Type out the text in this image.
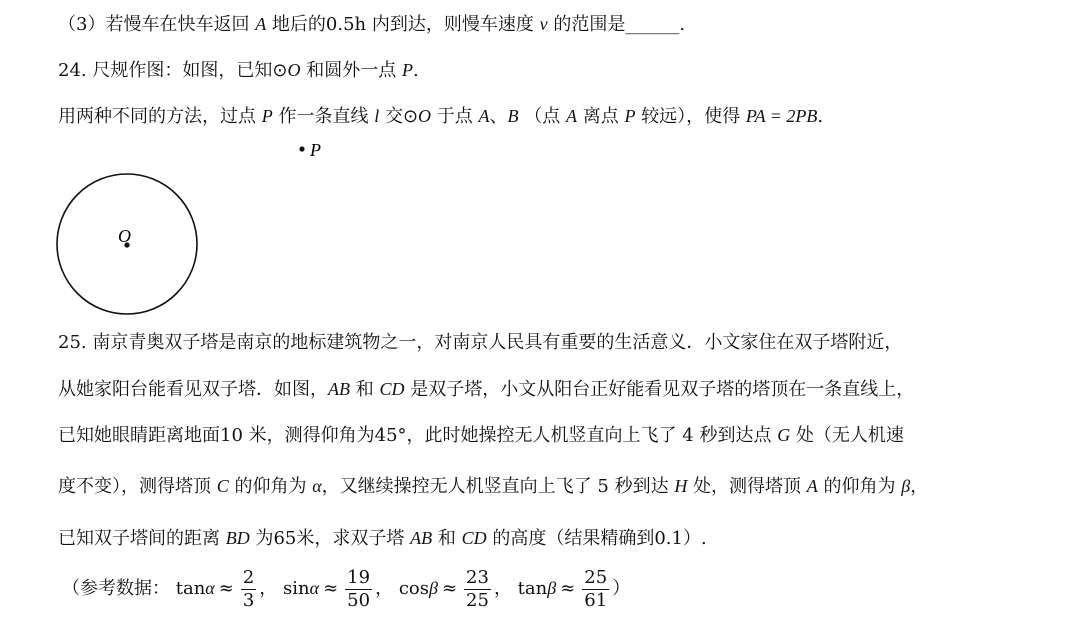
（3）若慢车在快车返回 A 地后的0.5h 内到达，则慢车速度 v 的范围是______.
24. 尺规作图：如图，已知⊙O 和圆外一点 P.
用两种不同的方法，过点 P 作一条直线 l 交⊙O 于点 A、B （点 A 离点 P 较远），使得 PA = 2PB.
P
O
25. 南京青奥双子塔是南京的地标建筑物之一，对南京人民具有重要的生活意义．小文家住在双子塔附近，
从她家阳台能看见双子塔．如图，AB 和 CD 是双子塔，小文从阳台正好能看见双子塔的塔顶在一条直线上，
已知她眼睛距离地面10 米，测得仰角为45°，此时她操控无人机竖直向上飞了 4 秒到达点 G 处（无人机速
度不变），测得塔顶 C 的仰角为 α，又继续操控无人机竖直向上飞了 5 秒到达 H 处，测得塔顶 A 的仰角为 β，
已知双子塔间的距离 BD 为65米，求双子塔 AB 和 CD 的高度（结果精确到0.1）.
（参考数据： $\tan\alpha \approx \frac{2}{3}$ ， $\sin\alpha \approx \frac{19}{50}$ ， $\cos\beta \approx \frac{23}{25}$ ， $\tan\beta \approx \frac{25}{61}$ ）
